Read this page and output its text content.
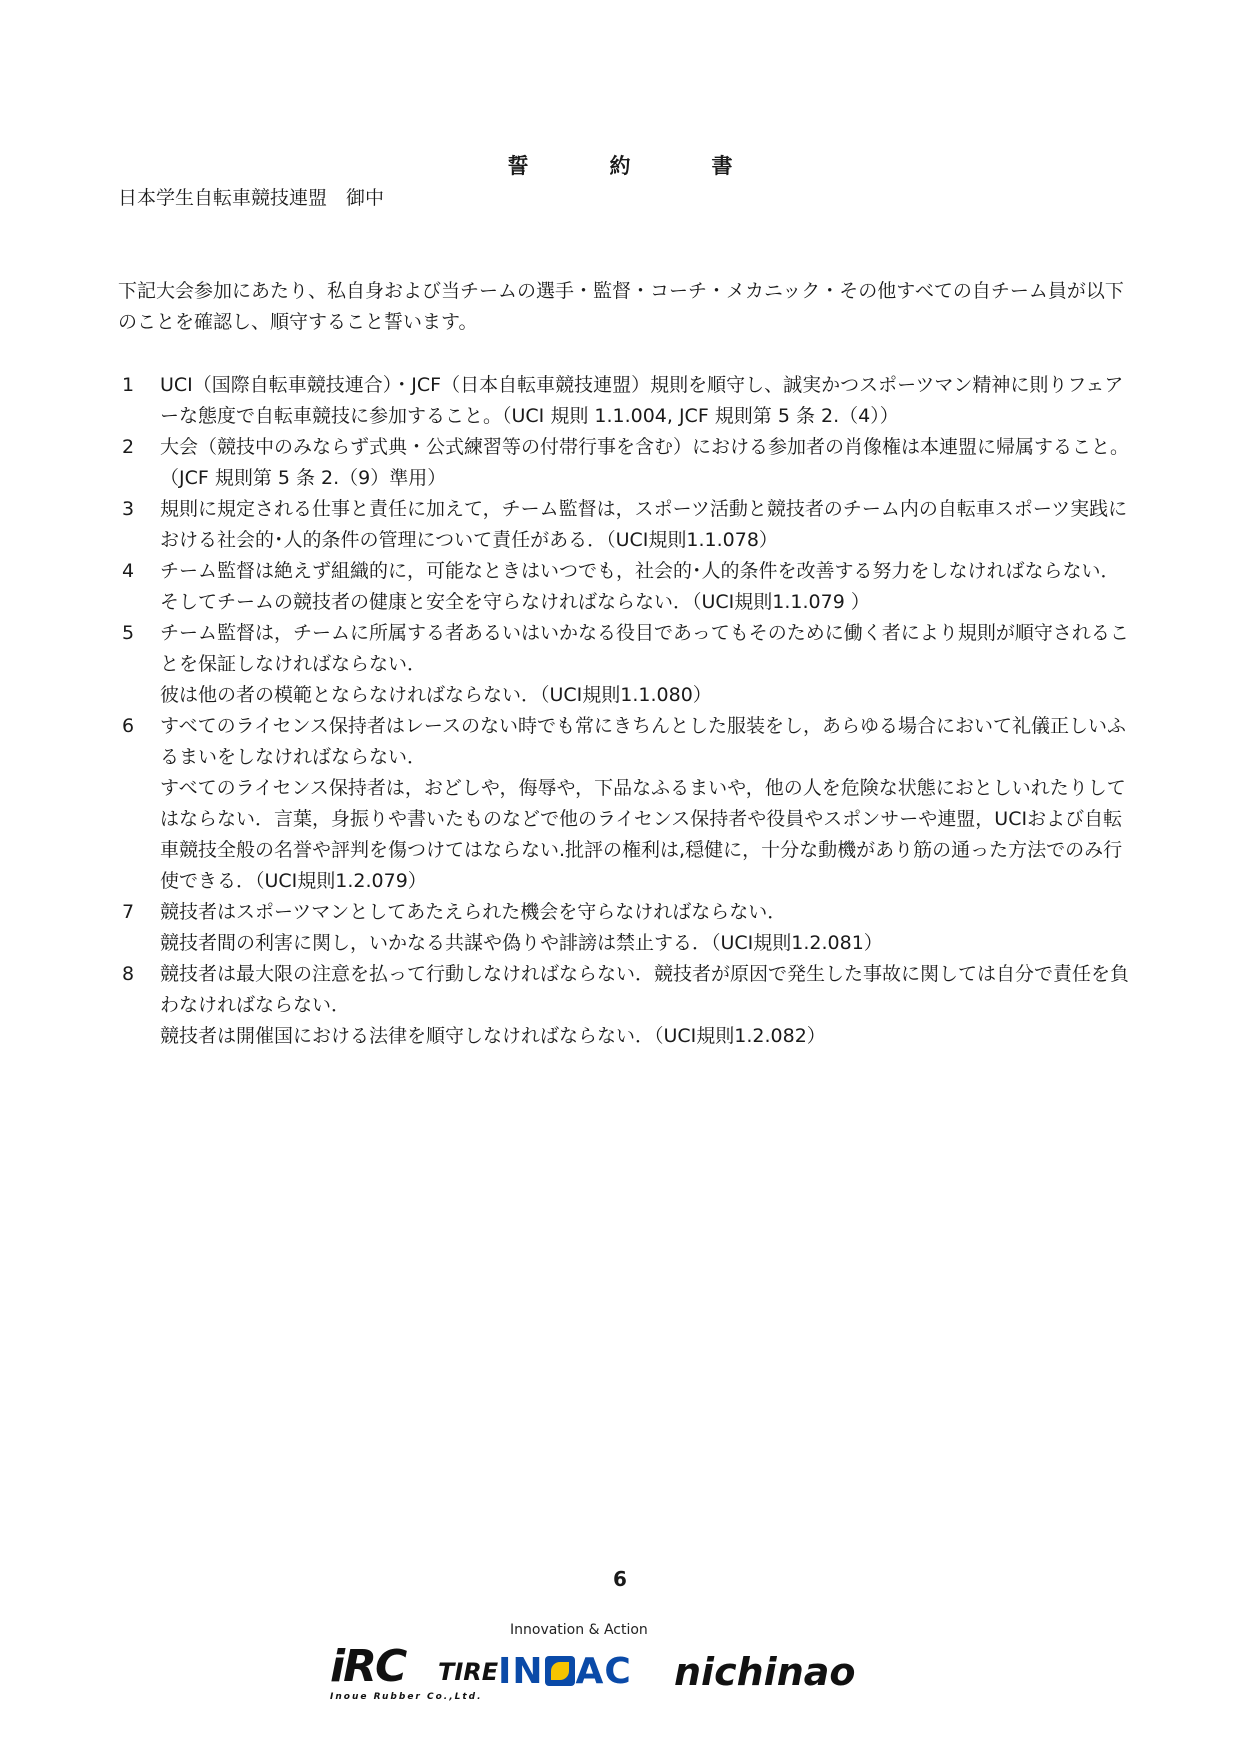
誓　約　書
日本学生自転車競技連盟　御中
下記大会参加にあたり、私自身および当チームの選手・監督・コーチ・メカニック・その他すべての自チーム員が以下
のことを確認し、順守すること誓います。
1 UCI（国際自転車競技連合）・JCF（日本自転車競技連盟）規則を順守し、誠実かつスポーツマン精神に則りフェア
ーな態度で自転車競技に参加すること。（UCI 規則 1.1.004, JCF 規則第 5 条 2.（4））
2 大会（競技中のみならず式典・公式練習等の付帯行事を含む）における参加者の肖像権は本連盟に帰属すること。
（JCF 規則第 5 条 2.（9）準用）
3 規則に規定される仕事と責任に加えて，チーム監督は，スポーツ活動と競技者のチーム内の自転車スポーツ実践に
おける社会的･人的条件の管理について責任がある．（UCI規則1.1.078）
4 チーム監督は絶えず組織的に，可能なときはいつでも，社会的･人的条件を改善する努力をしなければならない．
そしてチームの競技者の健康と安全を守らなければならない．（UCI規則1.1.079 ）
5 チーム監督は，チームに所属する者あるいはいかなる役目であってもそのために働く者により規則が順守されるこ
とを保証しなければならない．
彼は他の者の模範とならなければならない．（UCI規則1.1.080）
6 すべてのライセンス保持者はレースのない時でも常にきちんとした服装をし，あらゆる場合において礼儀正しいふ
るまいをしなければならない．
すべてのライセンス保持者は，おどしや，侮辱や，下品なふるまいや，他の人を危険な状態におとしいれたりして
はならない．言葉，身振りや書いたものなどで他のライセンス保持者や役員やスポンサーや連盟，UCIおよび自転
車競技全般の名誉や評判を傷つけてはならない.批評の権利は,穏健に，十分な動機があり筋の通った方法でのみ行
使できる．（UCI規則1.2.079）
7 競技者はスポーツマンとしてあたえられた機会を守らなければならない．
競技者間の利害に関し，いかなる共謀や偽りや誹謗は禁止する．（UCI規則1.2.081）
8 競技者は最大限の注意を払って行動しなければならない．競技者が原因で発生した事故に関しては自分で責任を負
わなければならない．
競技者は開催国における法律を順守しなければならない．（UCI規則1.2.082）
6
Innovation & Action
iRC TIRE
Inoue Rubber Co.,Ltd.
IN AC nichinao
